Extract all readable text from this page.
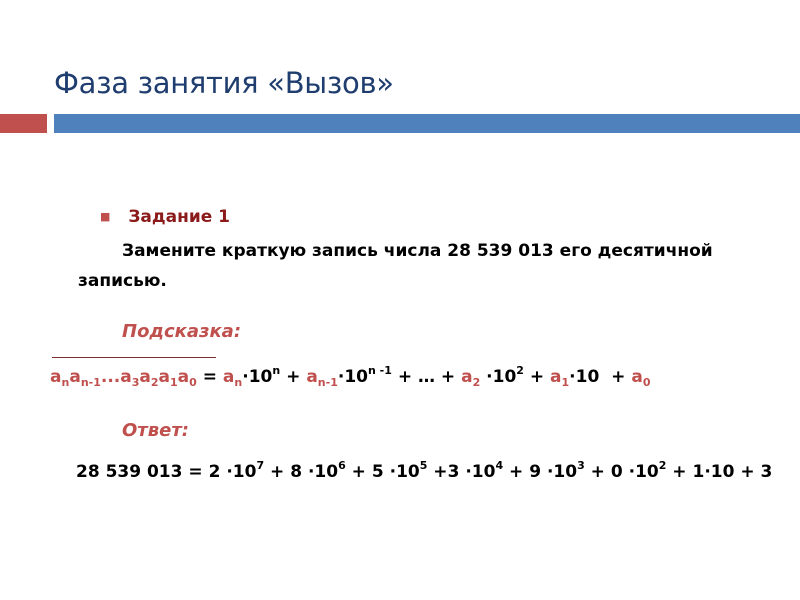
Фаза занятия «Вызов»
■ Задание 1
Замените краткую запись числа 28 539 013 его десятичной записью.
Подсказка:
$a_na_{n-1}...a_3a_2a_1a_0 = a_n\cdot 10^n + a_{n-1}\cdot 10^{n -1}$ + … + $a_2 \cdot 10^2 + a_1\cdot 10 + a_0$
Ответ:
28 539 $013 = 2 \cdot 10^7 + 8 \cdot 10^6 + 5 \cdot 10^5 +3 \cdot 10^4 + 9 \cdot 10^3 + 0 \cdot 10^2 + 1\cdot 10 + 3$
